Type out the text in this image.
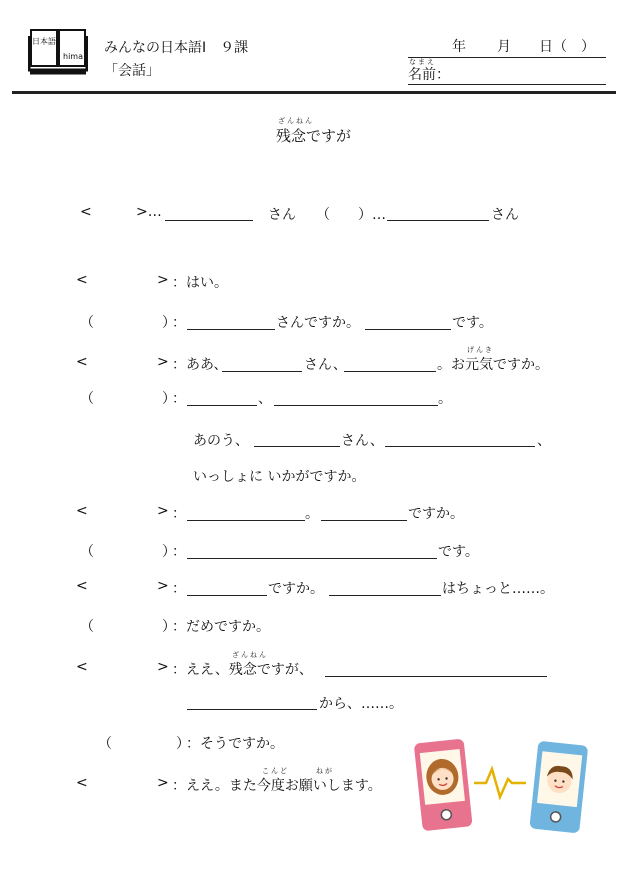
日本語
hima
みんなの日本語Ⅰ　９課
「会話」
年 月 日（　）
なまえ
名前：
ざんねん
残念ですが
<	>…	さん （　　）…	さん
<	> ：はい。
（	）
：	さんですか。	です。
<	> ：ああ、	さん、
げんき
。お元気ですか。
（	）
：	、	。
あのう、	さん、	、
いっしょに いかがですか。
<	> ：	。	ですか。
（	）
：	です。
<	> ：	ですか。	はちょっと……。
（	）
：だめですか。
<	>
ざんねん
：ええ、残念ですが、
から、……。
（	）
：そうですか。
<	>
こんど	ねが
：ええ。また今度お願いします。
